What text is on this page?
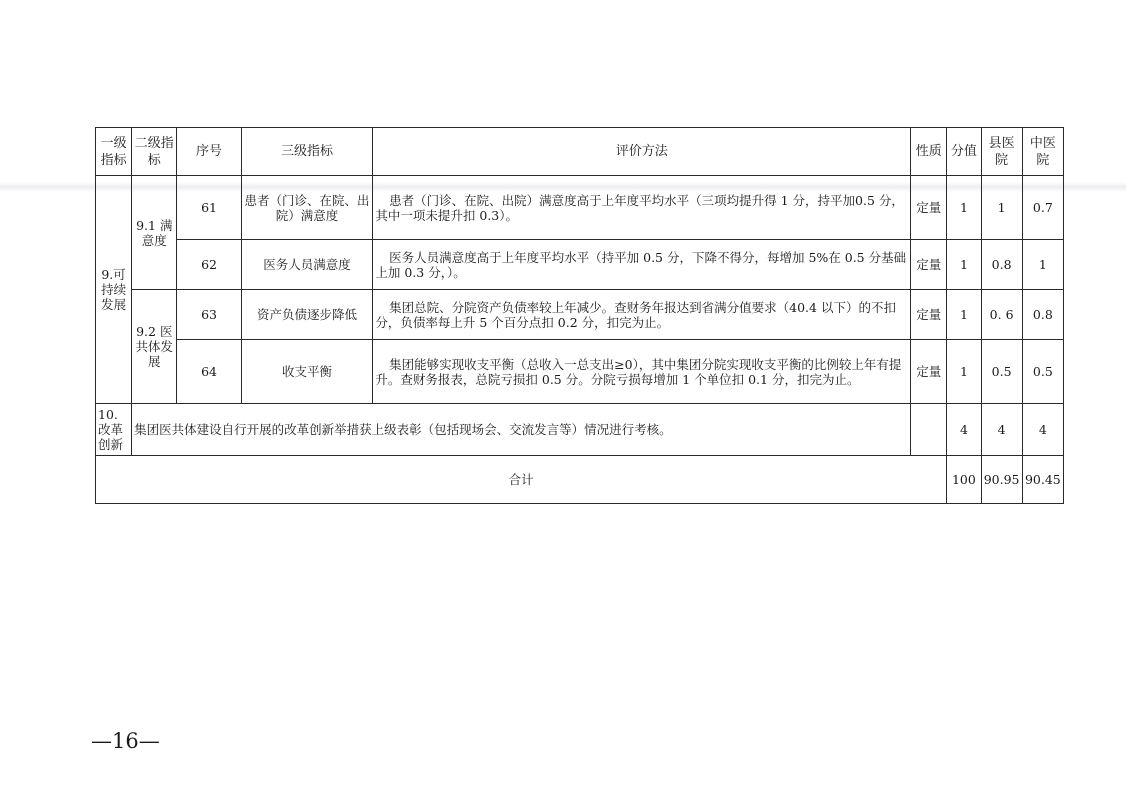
一级指标	二级指标	序号	三级指标	评价方法	性质	分值	县医院	中医院
9.可持续发展	9.1 满意度	61	患者（门诊、在院、出院）满意度	患者（门诊、在院、出院）满意度高于上年度平均水平（三项均提升得 1 分，持平加0.5 分，其中一项未提升扣 0.3）。	定量	1	1	0.7
		62	医务人员满意度	医务人员满意度高于上年度平均水平（持平加 0.5 分，下降不得分，每增加 5%在 0.5 分基础上加 0.3 分，）。	定量	1	0.8	1
	9.2 医共体发展	63	资产负债逐步降低	集团总院、分院资产负债率较上年减少。查财务年报达到省满分值要求（40.4 以下）的不扣分，负债率每上升 5 个百分点扣 0.2 分，扣完为止。	定量	1	0. 6	0.8
		64	收支平衡	集团能够实现收支平衡（总收入一总支出≥0），其中集团分院实现收支平衡的比例较上年有提升。查财务报表，总院亏损扣 0.5 分。分院亏损每增加 1 个单位扣 0.1 分，扣完为止。	定量	1	0.5	0.5
10. 改革 创新	集团医共体建设自行开展的改革创新举措获上级表彰（包括现场会、交流发言等）情况进行考核。					4	4	4
合计						100	90.95	90.45
—16—
